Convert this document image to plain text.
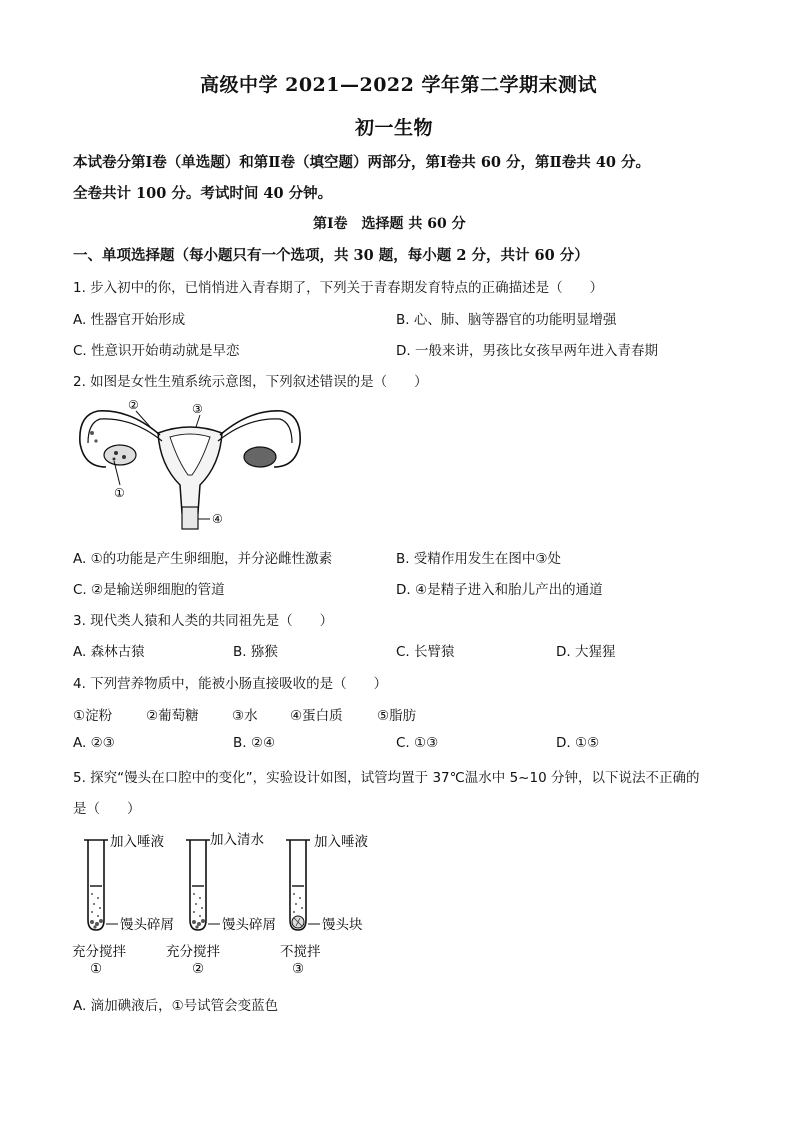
高级中学 2021—2022 学年第二学期末测试
初一生物
本试卷分第Ⅰ卷（单选题）和第Ⅱ卷（填空题）两部分，第Ⅰ卷共 60 分，第Ⅱ卷共 40 分。
全卷共计 100 分。考试时间 40 分钟。
第Ⅰ卷　选择题 共 60 分
一、单项选择题（每小题只有一个选项，共 30 题，每小题 2 分，共计 60 分）
1. 步入初中的你，已悄悄进入青春期了，下列关于青春期发育特点的正确描述是（　　）
A. 性器官开始形成	B. 心、肺、脑等器官的功能明显增强
C. 性意识开始萌动就是早恋	D. 一般来讲，男孩比女孩早两年进入青春期
2. 如图是女性生殖系统示意图，下列叙述错误的是（　　）
②	③
①
④
A. ①的功能是产生卵细胞，并分泌雌性激素	B. 受精作用发生在图中③处
C. ②是输送卵细胞的管道	D. ④是精子进入和胎儿产出的通道
3. 现代类人猿和人类的共同祖先是（　　）
A. 森林古猿	B. 猕猴	C. 长臂猿	D. 大猩猩
4. 下列营养物质中，能被小肠直接吸收的是（　　）
①淀粉	②葡萄糖 ③水 ④蛋白质	⑤脂肪
A. ②③	B. ②④	C. ①③	D. ①⑤
5. 探究“馒头在口腔中的变化”，实验设计如图，试管均置于 37℃温水中 5~10 分钟，以下说法不正确的
是（　　）
加入唾液	加入清水	加入唾液
馒头碎屑	馒头碎屑	馒头块
充分搅拌	充分搅拌	不搅拌
①	②	③
A. 滴加碘液后，①号试管会变蓝色
